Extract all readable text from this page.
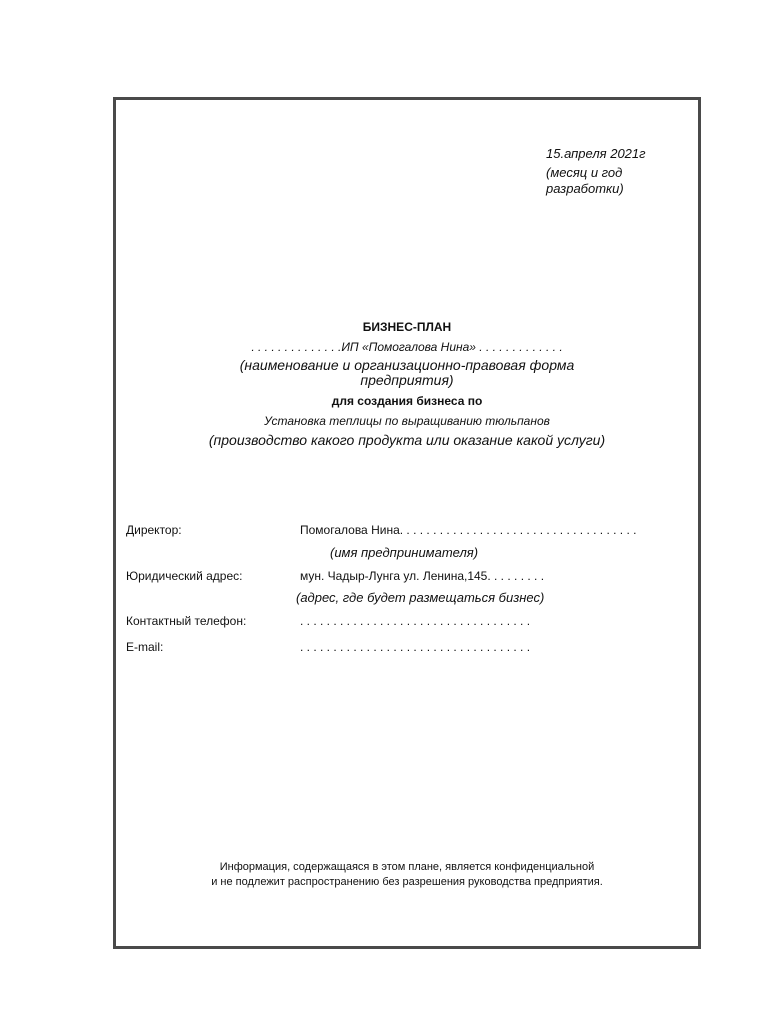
15.апреля 2021г
(месяц и год
разработки)
БИЗНЕС-ПЛАН
. . . . . . . . . . . . . .ИП «Помогалова Нина» . . . . . . . . . . . . .
(наименование и организационно-правовая форма
предприятия)
для создания бизнеса по
Установка теплицы по выращиванию тюльпанов
(производство какого продукта или оказание какой услуги)
Директор:	Помогалова Нина. . . . . . . . . . . . . . . . . . . . . . . . . . . . . . . . . . . .
(имя предпринимателя)
Юридический адрес:	мун. Чадыр-Лунга ул. Ленина,145. . . . . . . . .
(адрес, где будет размещаться бизнес)
Контактный телефон:	. . . . . . . . . . . . . . . . . . . . . . . . . . . . . . . . . . .
E-mail:	. . . . . . . . . . . . . . . . . . . . . . . . . . . . . . . . . . .
Информация, содержащаяся в этом плане, является конфиденциальной
и не подлежит распространению без разрешения руководства предприятия.
